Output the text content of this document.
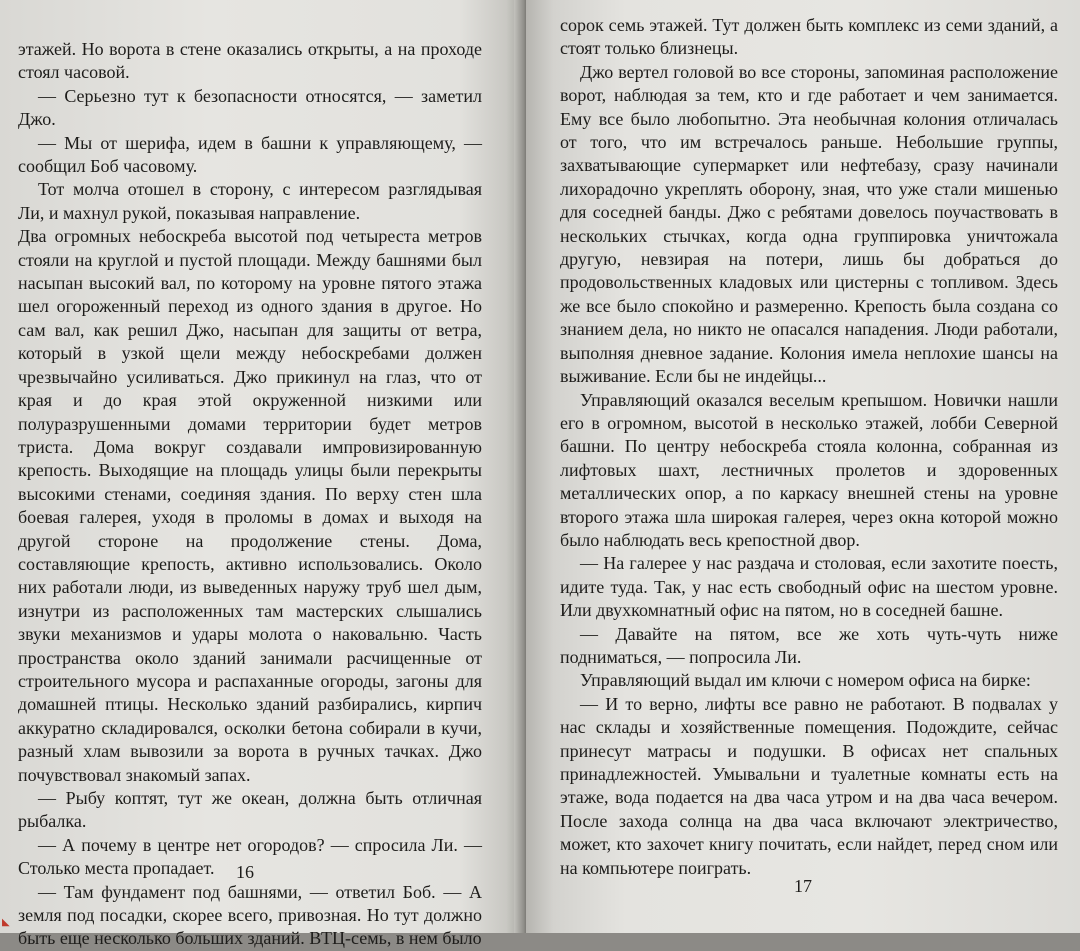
этажей. Но ворота в стене оказались открыты, а на проходе стоял часовой.

— Серьезно тут к безопасности относятся, — заметил Джо.

— Мы от шерифа, идем в башни к управляющему, — сообщил Боб часовому.

Тот молча отошел в сторону, с интересом разглядывая Ли, и махнул рукой, показывая направление.

Два огромных небоскреба высотой под четыреста метров стояли на круглой и пустой площади. Между башнями был насыпан высокий вал, по которому на уровне пятого этажа шел огороженный переход из одного здания в другое. Но сам вал, как решил Джо, насыпан для защиты от ветра, который в узкой щели между небоскребами должен чрезвычайно усиливаться. Джо прикинул на глаз, что от края и до края этой окруженной низкими или полуразрушенными домами территории будет метров триста. Дома вокруг создавали импровизированную крепость. Выходящие на площадь улицы были перекрыты высокими стенами, соединяя здания. По верху стен шла боевая галерея, уходя в проломы в домах и выходя на другой стороне на продолжение стены. Дома, составляющие крепость, активно использовались. Около них работали люди, из выведенных наружу труб шел дым, изнутри из расположенных там мастерских слышались звуки механизмов и удары молота о наковальню. Часть пространства около зданий занимали расчищенные от строительного мусора и распаханные огороды, загоны для домашней птицы. Несколько зданий разбирались, кирпич аккуратно складировался, осколки бетона собирали в кучи, разный хлам вывозили за ворота в ручных тачках. Джо почувствовал знакомый запах.

— Рыбу коптят, тут же океан, должна быть отличная рыбалка.

— А почему в центре нет огородов? — спросила Ли. — Столько места пропадает.

— Там фундамент под башнями, — ответил Боб. — А земля под посадки, скорее всего, привозная. Но тут должно быть еще несколько больших зданий. ВТЦ-семь, в нем было

16

сорок семь этажей. Тут должен быть комплекс из семи зданий, а стоят только близнецы.

Джо вертел головой во все стороны, запоминая расположение ворот, наблюдая за тем, кто и где работает и чем занимается. Ему все было любопытно. Эта необычная колония отличалась от того, что им встречалось раньше. Небольшие группы, захватывающие супермаркет или нефтебазу, сразу начинали лихорадочно укреплять оборону, зная, что уже стали мишенью для соседней банды. Джо с ребятами довелось поучаствовать в нескольких стычках, когда одна группировка уничтожала другую, невзирая на потери, лишь бы добраться до продовольственных кладовых или цистерны с топливом. Здесь же все было спокойно и размеренно. Крепость была создана со знанием дела, но никто не опасался нападения. Люди работали, выполняя дневное задание. Колония имела неплохие шансы на выживание. Если бы не индейцы...

Управляющий оказался веселым крепышом. Новички нашли его в огромном, высотой в несколько этажей, лобби Северной башни. По центру небоскреба стояла колонна, собранная из лифтовых шахт, лестничных пролетов и здоровенных металлических опор, а по каркасу внешней стены на уровне второго этажа шла широкая галерея, через окна которой можно было наблюдать весь крепостной двор.

— На галерее у нас раздача и столовая, если захотите поесть, идите туда. Так, у нас есть свободный офис на шестом уровне. Или двухкомнатный офис на пятом, но в соседней башне.

— Давайте на пятом, все же хоть чуть-чуть ниже подниматься, — попросила Ли.

Управляющий выдал им ключи с номером офиса на бирке:

— И то верно, лифты все равно не работают. В подвалах у нас склады и хозяйственные помещения. Подождите, сейчас принесут матрасы и подушки. В офисах нет спальных принадлежностей. Умывальни и туалетные комнаты есть на этаже, вода подается на два часа утром и на два часа вечером. После захода солнца на два часа включают электричество, может, кто захочет книгу почитать, если найдет, перед сном или на компьютере поиграть.

17
◣
